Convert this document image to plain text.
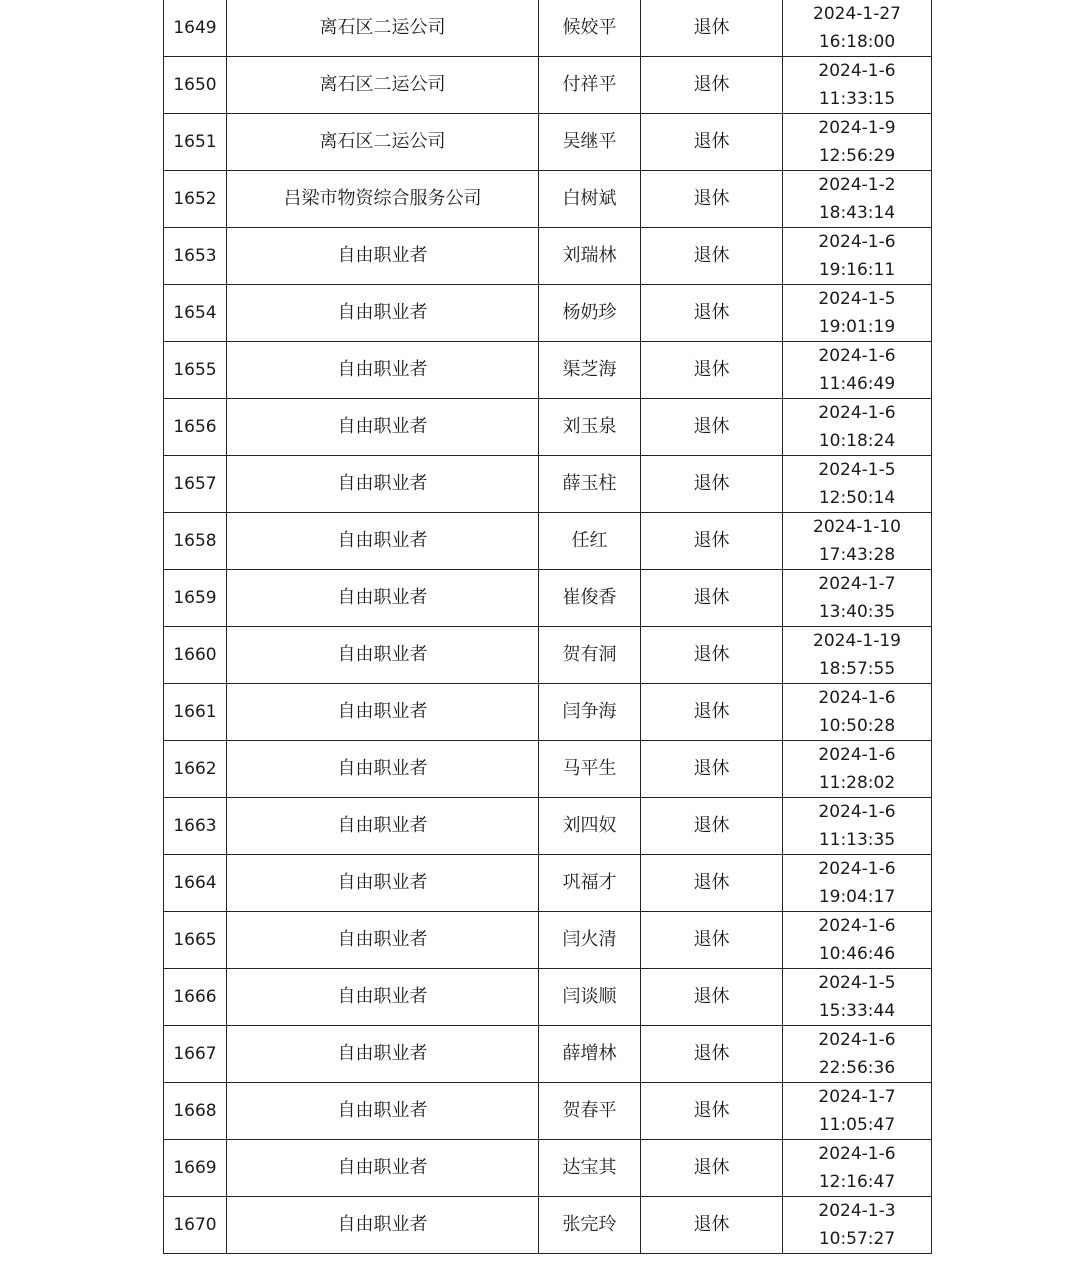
1649	离石区二运公司	候姣平	退休	2024-1-27
16:18:00

1650	离石区二运公司	付祥平	退休	2024-1-6
11:33:15

1651	离石区二运公司	吴继平	退休	2024-1-9
12:56:29

1652	吕梁市物资综合服务公司	白树斌	退休	2024-1-2
18:43:14

1653	自由职业者	刘瑞林	退休	2024-1-6
19:16:11

1654	自由职业者	杨奶珍	退休	2024-1-5
19:01:19

1655	自由职业者	渠芝海	退休	2024-1-6
11:46:49

1656	自由职业者	刘玉泉	退休	2024-1-6
10:18:24

1657	自由职业者	薛玉柱	退休	2024-1-5
12:50:14

1658	自由职业者	任红	退休	2024-1-10
17:43:28

1659	自由职业者	崔俊香	退休	2024-1-7
13:40:35

1660	自由职业者	贺有洞	退休	2024-1-19
18:57:55

1661	自由职业者	闫争海	退休	2024-1-6
10:50:28

1662	自由职业者	马平生	退休	2024-1-6
11:28:02

1663	自由职业者	刘四奴	退休	2024-1-6
11:13:35

1664	自由职业者	巩福才	退休	2024-1-6
19:04:17

1665	自由职业者	闫火清	退休	2024-1-6
10:46:46

1666	自由职业者	闫谈顺	退休	2024-1-5
15:33:44

1667	自由职业者	薛增林	退休	2024-1-6
22:56:36

1668	自由职业者	贺春平	退休	2024-1-7
11:05:47

1669	自由职业者	达宝其	退休	2024-1-6
12:16:47

1670	自由职业者	张完玲	退休	2024-1-3
10:57:27
